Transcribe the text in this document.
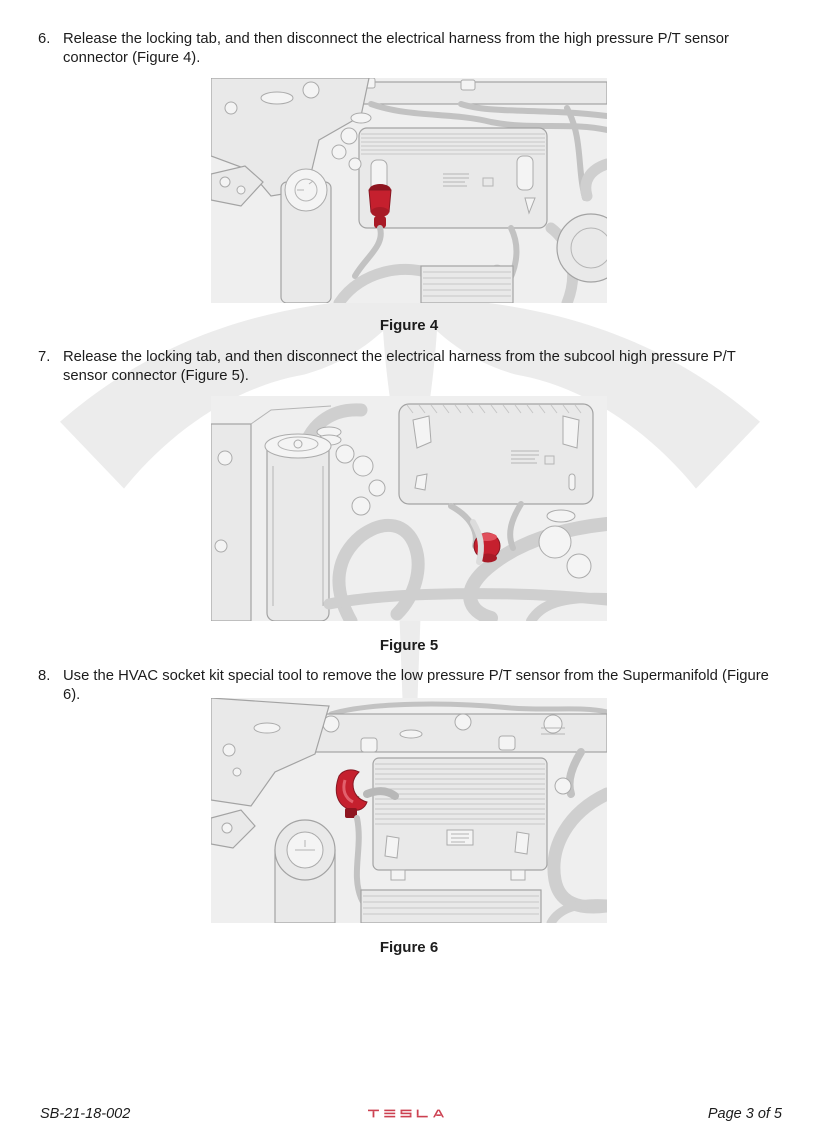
6. Release the locking tab, and then disconnect the electrical harness from the high pressure P/T sensor connector (Figure 4).
Figure 4
7. Release the locking tab, and then disconnect the electrical harness from the subcool high pressure P/T sensor connector (Figure 5).
Figure 5
8. Use the HVAC socket kit special tool to remove the low pressure P/T sensor from the Supermanifold (Figure 6).
Figure 6
SB-21-18-002	Page 3 of 5
